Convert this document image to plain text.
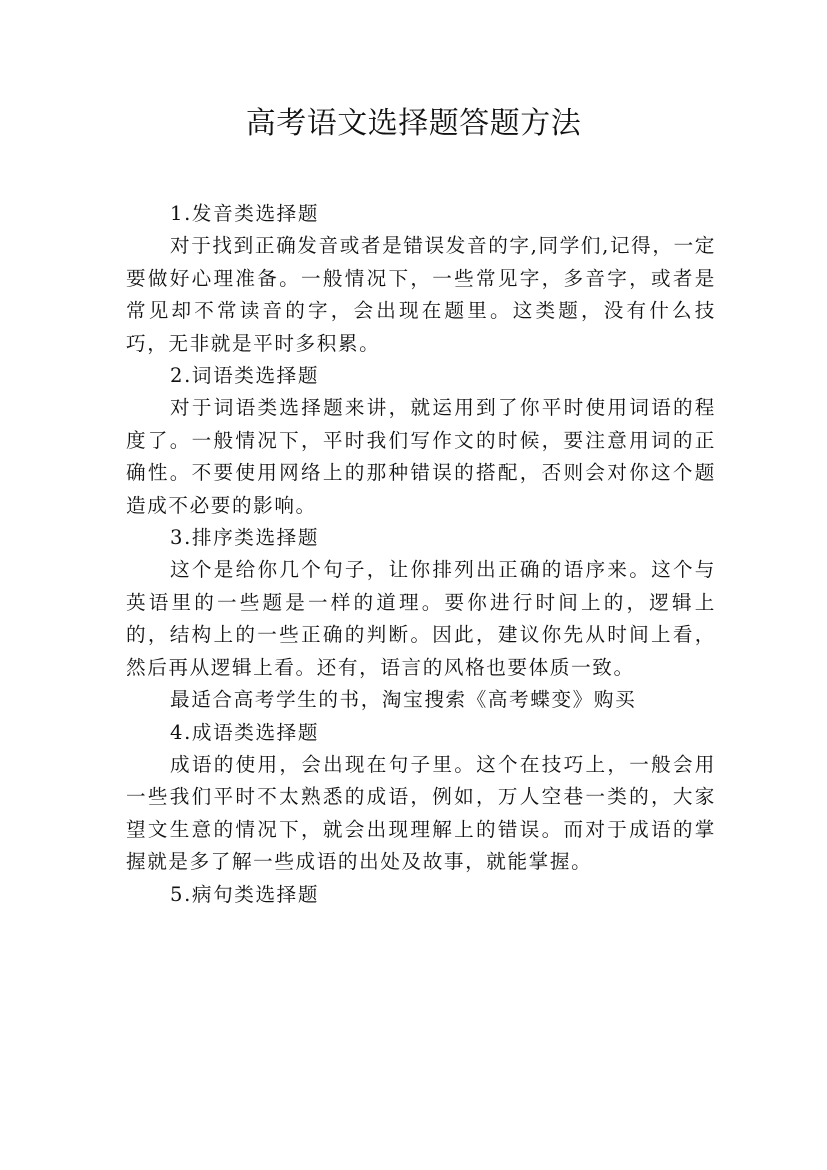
高考语文选择题答题方法
1.发音类选择题

对于找到正确发音或者是错误发音的字,同学们,记得，一定要做好心理准备。一般情况下，一些常见字，多音字，或者是常见却不常读音的字，会出现在题里。这类题，没有什么技巧，无非就是平时多积累。

2.词语类选择题

对于词语类选择题来讲，就运用到了你平时使用词语的程度了。一般情况下，平时我们写作文的时候，要注意用词的正确性。不要使用网络上的那种错误的搭配，否则会对你这个题造成不必要的影响。

3.排序类选择题

这个是给你几个句子，让你排列出正确的语序来。这个与英语里的一些题是一样的道理。要你进行时间上的，逻辑上的，结构上的一些正确的判断。因此，建议你先从时间上看，然后再从逻辑上看。还有，语言的风格也要体质一致。

最适合高考学生的书，淘宝搜索《高考蝶变》购买

4.成语类选择题

成语的使用，会出现在句子里。这个在技巧上，一般会用一些我们平时不太熟悉的成语，例如，万人空巷一类的，大家望文生意的情况下，就会出现理解上的错误。而对于成语的掌握就是多了解一些成语的出处及故事，就能掌握。

5.病句类选择题
